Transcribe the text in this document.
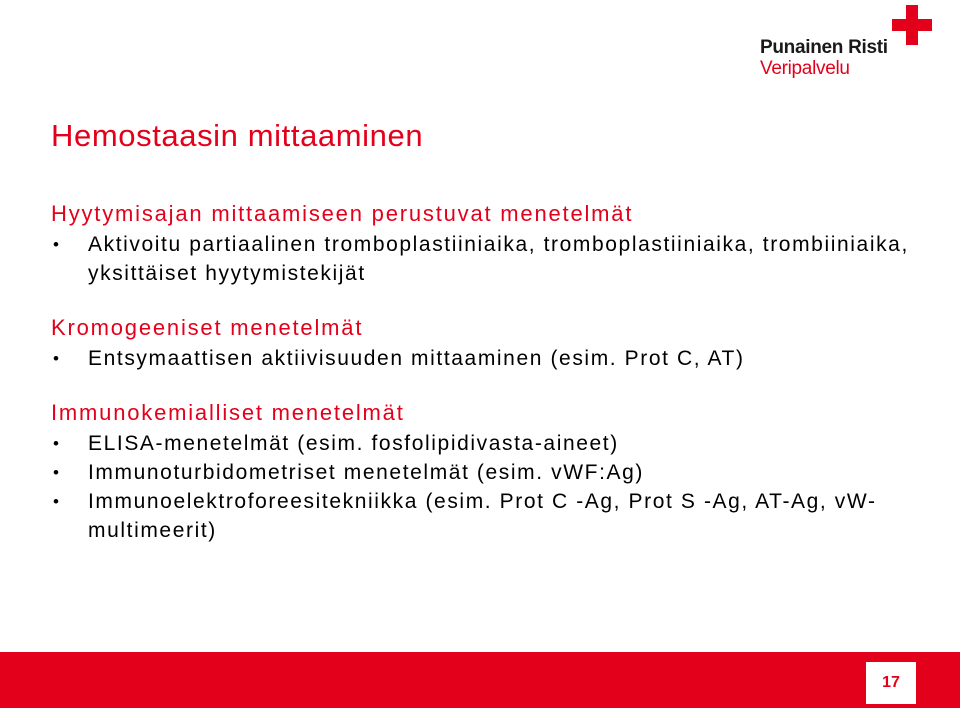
Punainen Risti
Veripalvelu
Hemostaasin mittaaminen
Hyytymisajan mittaamiseen perustuvat menetelmät
• Aktivoitu partiaalinen tromboplastiiniaika, tromboplastiiniaika, trombiiniaika, yksittäiset hyytymistekijät
Kromogeeniset menetelmät
• Entsymaattisen aktiivisuuden mittaaminen (esim. Prot C, AT)
Immunokemialliset menetelmät
• ELISA-menetelmät (esim. fosfolipidivasta-aineet)
• Immunoturbidometriset menetelmät (esim. vWF:Ag)
• Immunoelektroforeesitekniikka (esim. Prot C -Ag, Prot S -Ag, AT-Ag, vW-multimeerit)
17
